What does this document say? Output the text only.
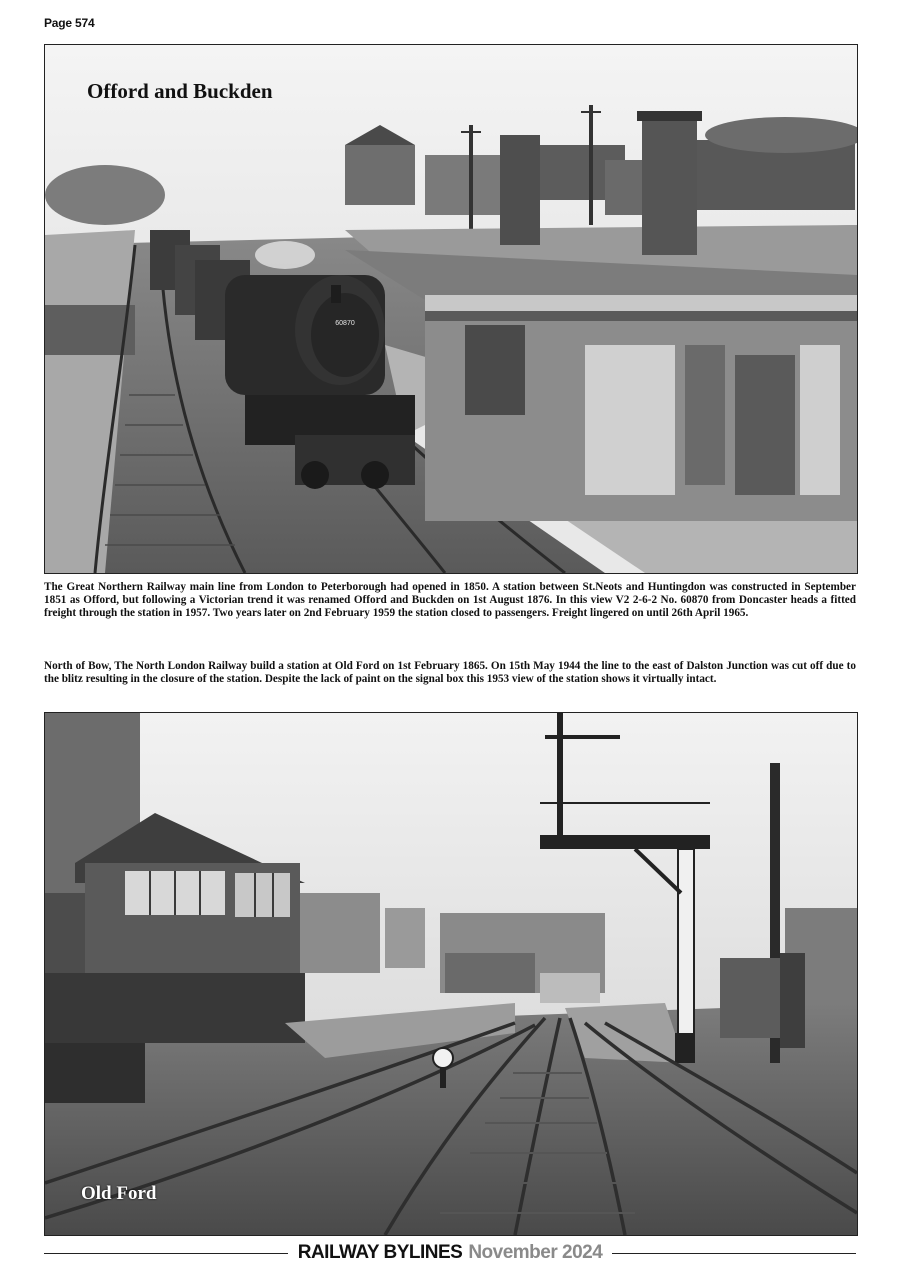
Page 574
60870
Offord and Buckden

The Great Northern Railway main line from London to Peterborough had opened in 1850. A station between St.Neots and Huntingdon was constructed in September 1851 as Offord, but following a Victorian trend it was renamed Offord and Buckden on 1st August 1876. In this view V2 2-6-2 No. 60870 from Doncaster heads a fitted freight through the station in 1957. Two years later on 2nd February 1959 the station closed to passengers. Freight lingered on until 26th April 1965.

North of Bow, The North London Railway build a station at Old Ford on 1st February 1865. On 15th May 1944 the line to the east of Dalston Junction was cut off due to the blitz resulting in the closure of the station. Despite the lack of paint on the signal box this 1953 view of the station shows it virtually intact.

Old Ford
RAILWAY BYLINES November 2024
